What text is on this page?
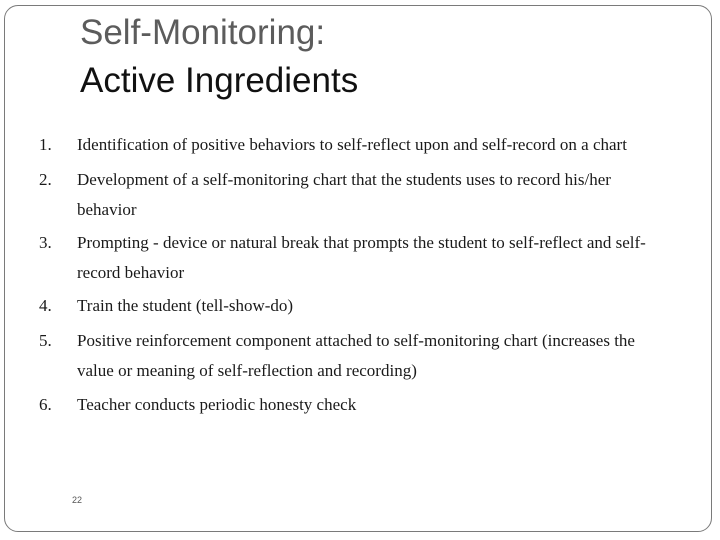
Self-Monitoring:
Active Ingredients
1. Identification of positive behaviors to self-reflect upon and self-record on a chart
2. Development of a self-monitoring chart that the students uses to record his/her behavior
3. Prompting - device or natural break that prompts the student to self-reflect and self-record behavior
4. Train the student (tell-show-do)
5. Positive reinforcement component attached to self-monitoring chart (increases the value or meaning of self-reflection and recording)
6. Teacher conducts periodic honesty check
22
